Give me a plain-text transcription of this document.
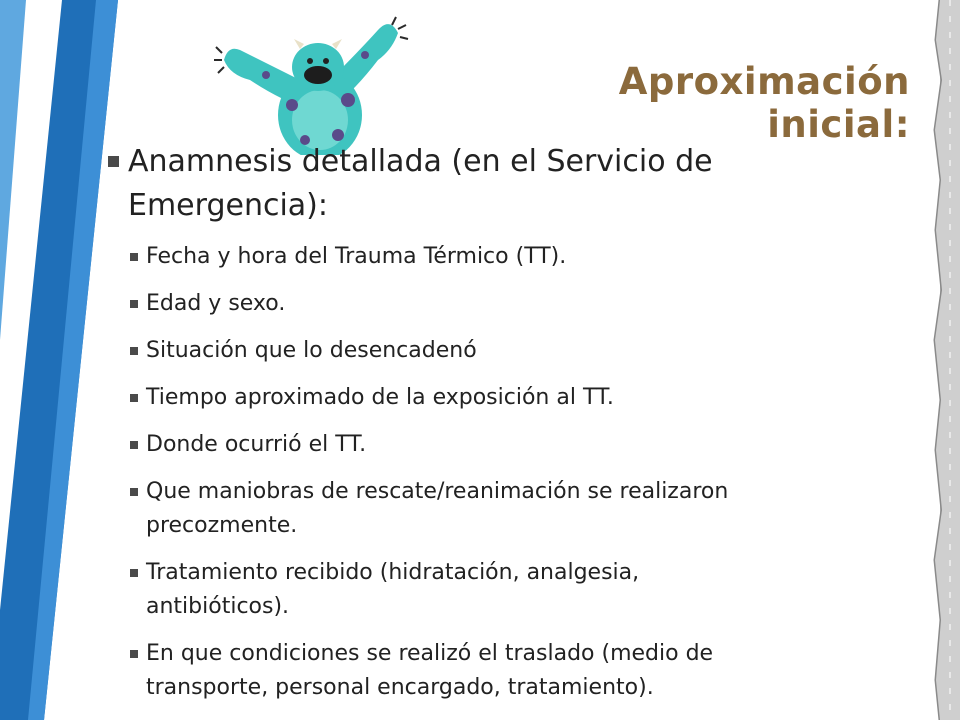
Aproximación inicial:
Anamnesis detallada (en el Servicio de
Emergencia):
Fecha y hora del Trauma Térmico (TT).
Edad y sexo.
Situación que lo desencadenó
Tiempo aproximado de la exposición al TT.
Donde ocurrió el TT.
Que maniobras de rescate/reanimación se realizaron
precozmente.
Tratamiento recibido (hidratación, analgesia,
antibióticos).
En que condiciones se realizó el traslado (medio de
transporte, personal encargado, tratamiento).
